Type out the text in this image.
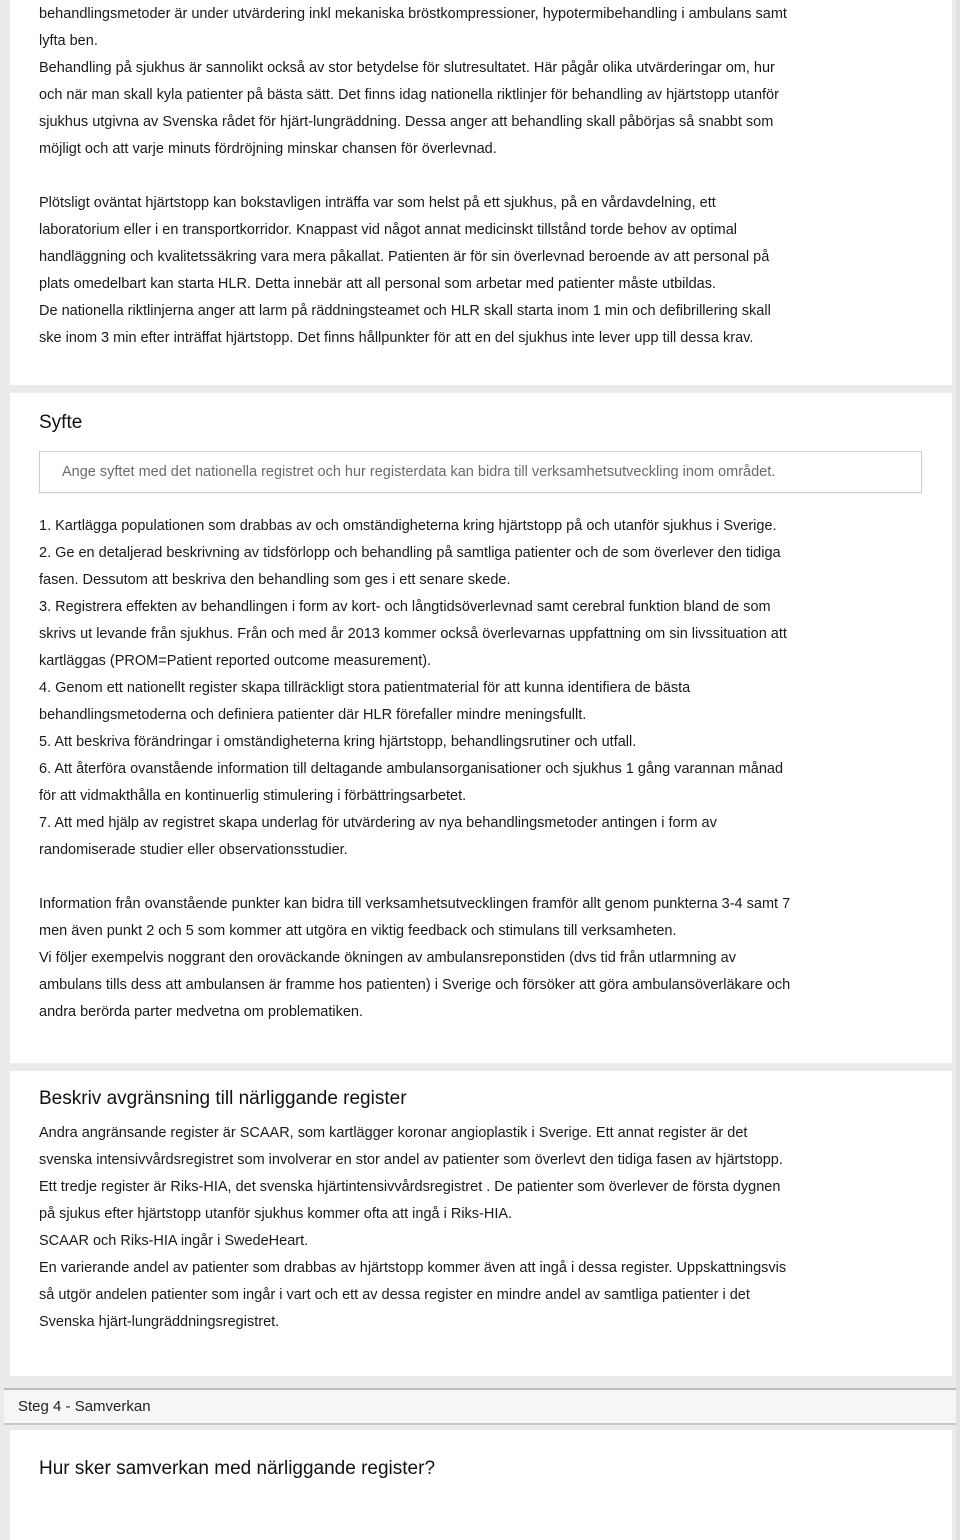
behandlingsmetoder är under utvärdering inkl mekaniska bröstkompressioner, hypotermibehandling i ambulans samt

lyfta ben.

Behandling på sjukhus är sannolikt också av stor betydelse för slutresultatet. Här pågår olika utvärderingar om, hur

och när man skall kyla patienter på bästa sätt. Det finns idag nationella riktlinjer för behandling av hjärtstopp utanför

sjukhus utgivna av Svenska rådet för hjärt-lungräddning. Dessa anger att behandling skall påbörjas så snabbt som

möjligt och att varje minuts fördröjning minskar chansen för överlevnad.

Plötsligt oväntat hjärtstopp kan bokstavligen inträffa var som helst på ett sjukhus, på en vårdavdelning, ett

laboratorium eller i en transportkorridor. Knappast vid något annat medicinskt tillstånd torde behov av optimal

handläggning och kvalitetssäkring vara mera påkallat. Patienten är för sin överlevnad beroende av att personal på

plats omedelbart kan starta HLR. Detta innebär att all personal som arbetar med patienter måste utbildas.

De nationella riktlinjerna anger att larm på räddningsteamet och HLR skall starta inom 1 min och defibrillering skall

ske inom 3 min efter inträffat hjärtstopp. Det finns hållpunkter för att en del sjukhus inte lever upp till dessa krav.

Syfte
Ange syftet med det nationella registret och hur registerdata kan bidra till verksamhetsutveckling inom området.

1. Kartlägga populationen som drabbas av och omständigheterna kring hjärtstopp på och utanför sjukhus i Sverige.

2. Ge en detaljerad beskrivning av tidsförlopp och behandling på samtliga patienter och de som överlever den tidiga

fasen. Dessutom att beskriva den behandling som ges i ett senare skede.

3. Registrera effekten av behandlingen i form av kort- och långtidsöverlevnad samt cerebral funktion bland de som

skrivs ut levande från sjukhus. Från och med år 2013 kommer också överlevarnas uppfattning om sin livssituation att

kartläggas (PROM=Patient reported outcome measurement).

4. Genom ett nationellt register skapa tillräckligt stora patientmaterial för att kunna identifiera de bästa

behandlingsmetoderna och definiera patienter där HLR förefaller mindre meningsfullt.

5. Att beskriva förändringar i omständigheterna kring hjärtstopp, behandlingsrutiner och utfall.

6. Att återföra ovanstående information till deltagande ambulansorganisationer och sjukhus 1 gång varannan månad

för att vidmakthålla en kontinuerlig stimulering i förbättringsarbetet.

7. Att med hjälp av registret skapa underlag för utvärdering av nya behandlingsmetoder antingen i form av

randomiserade studier eller observationsstudier.

Information från ovanstående punkter kan bidra till verksamhetsutvecklingen framför allt genom punkterna 3-4 samt 7

men även punkt 2 och 5 som kommer att utgöra en viktig feedback och stimulans till verksamheten.

Vi följer exempelvis noggrant den oroväckande ökningen av ambulansreponstiden (dvs tid från utlarmning av

ambulans tills dess att ambulansen är framme hos patienten) i Sverige och försöker att göra ambulansöverläkare och

andra berörda parter medvetna om problematiken.

Beskriv avgränsning till närliggande register

Andra angränsande register är SCAAR, som kartlägger koronar angioplastik i Sverige. Ett annat register är det

svenska intensivvårdsregistret som involverar en stor andel av patienter som överlevt den tidiga fasen av hjärtstopp.

Ett tredje register är Riks-HIA, det svenska hjärtintensivvårdsregistret . De patienter som överlever de första dygnen

på sjukus efter hjärtstopp utanför sjukhus kommer ofta att ingå i Riks-HIA.

SCAAR och Riks-HIA ingår i SwedeHeart.

En varierande andel av patienter som drabbas av hjärtstopp kommer även att ingå i dessa register. Uppskattningsvis

så utgör andelen patienter som ingår i vart och ett av dessa register en mindre andel av samtliga patienter i det

Svenska hjärt-lungräddningsregistret.

Steg 4 - Samverkan
Hur sker samverkan med närliggande register?
